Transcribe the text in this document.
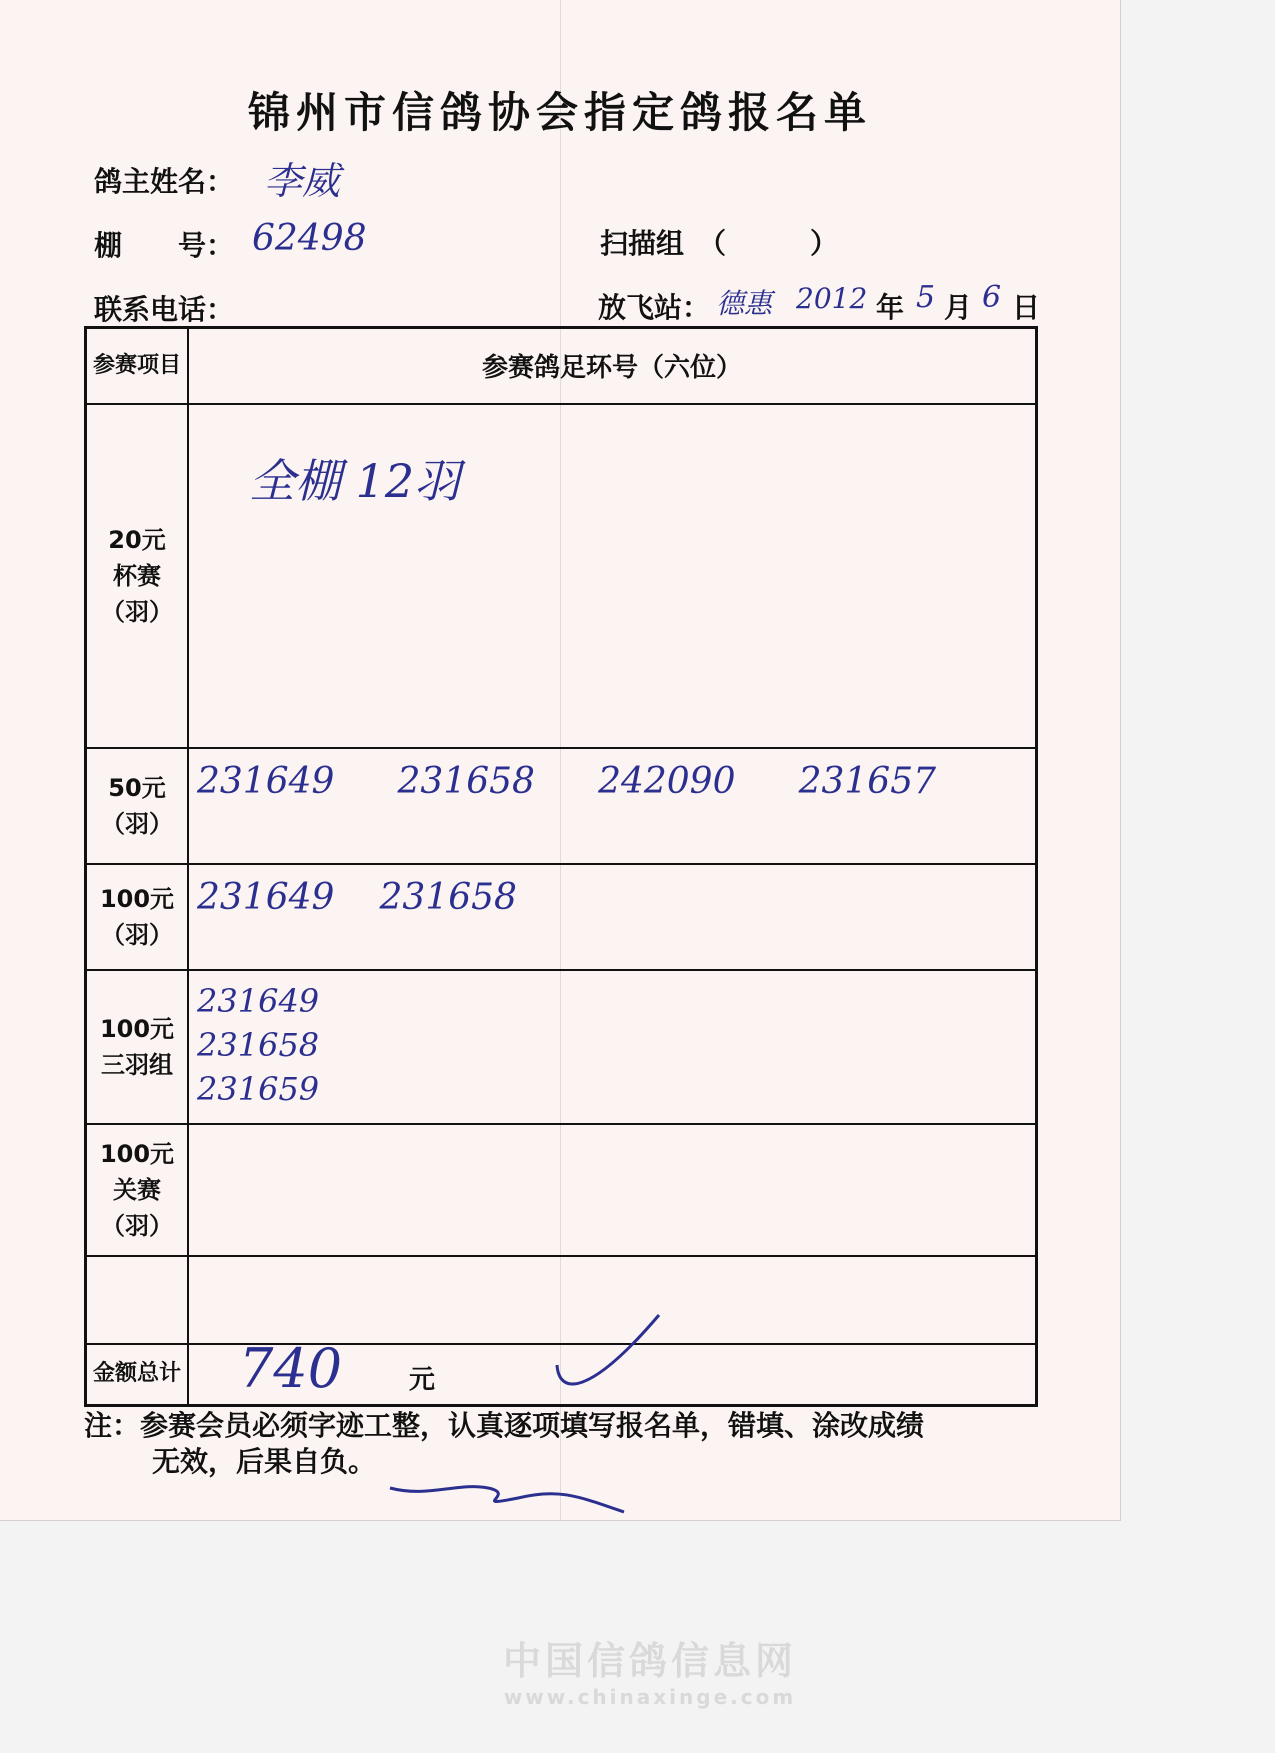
锦州市信鸽协会指定鸽报名单
鸽主姓名： 李威
棚　　号： 62498	扫描组　（　　　）
联系电话：	放飞站： 德惠 2012 年 5 月 6 日
参赛项目	参赛鸽足环号（六位）

20元
杯赛
（羽）	全棚 12羽

50元
（羽）	231649 231658 242090 231657

100元
（羽）	231649 231658

100元
三羽组	231649
231658
231659

100元
关赛
（羽）	

金额总计	740 元
注：参赛会员必须字迹工整，认真逐项填写报名单，错填、涂改成绩
无效，后果自负。
中国信鸽信息网
www.chinaxinge.com
